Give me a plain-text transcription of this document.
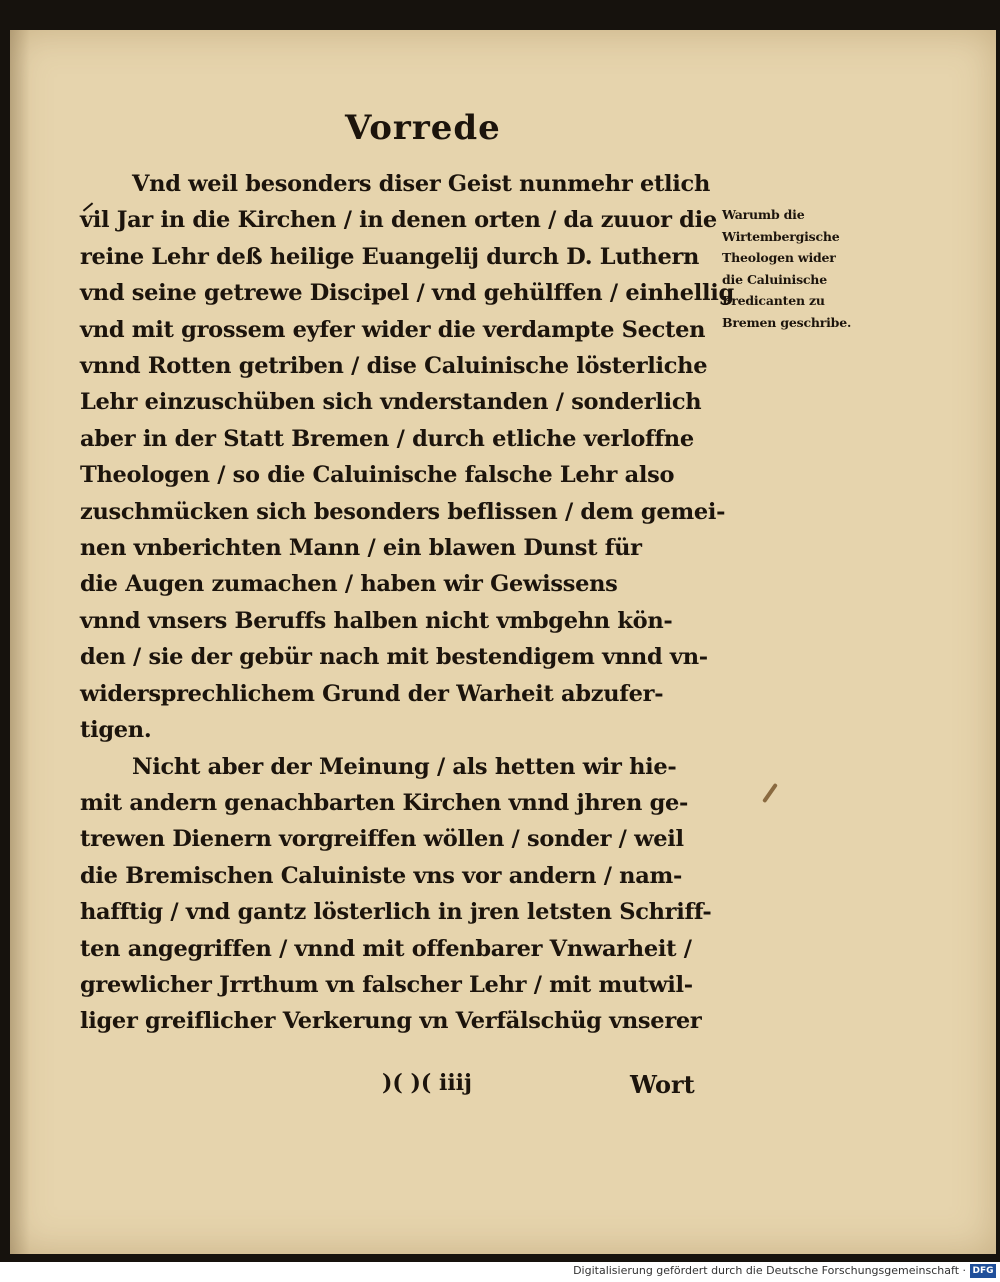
Vorrede
Vnd weil besonders diser Geist nunmehr etlich
vil Jar in die Kirchen / in denen orten / da zuuor die
reine Lehr deß heilige Euangelij durch D. Luthern
vnd seine getrewe Discipel / vnd gehülffen / einhellig
vnd mit grossem eyfer wider die verdampte Secten
vnnd Rotten getriben / dise Caluinische lösterliche
Lehr einzuschüben sich vnderstanden / sonderlich
aber in der Statt Bremen / durch etliche verloffne
Theologen / so die Caluinische falsche Lehr also
zuschmücken sich besonders beflissen / dem gemei-
nen vnberichten Mann / ein blawen Dunst für
die Augen zumachen / haben wir Gewissens
vnnd vnsers Beruffs halben nicht vmbgehn kön-
den / sie der gebür nach mit bestendigem vnnd vn-
widersprechlichem Grund der Warheit abzufer-
tigen.
Nicht aber der Meinung / als hetten wir hie-
mit andern genachbarten Kirchen vnnd jhren ge-
trewen Dienern vorgreiffen wöllen / sonder / weil
die Bremischen Caluiniste vns vor andern / nam-
hafftig / vnd gantz lösterlich in jren letsten Schriff-
ten angegriffen / vnnd mit offenbarer Vnwarheit /
grewlicher Jrrthum vn falscher Lehr / mit mutwil-
liger greiflicher Verkerung vn Verfälschüg vnserer
Warumb die
Wirtembergische
Theologen wider
die Caluinische
Predicanten zu
Bremen geschribe.
)( )( iiij	Wort
Digitalisierung gefördert durch die Deutsche Forschungsgemeinschaft · DFG
